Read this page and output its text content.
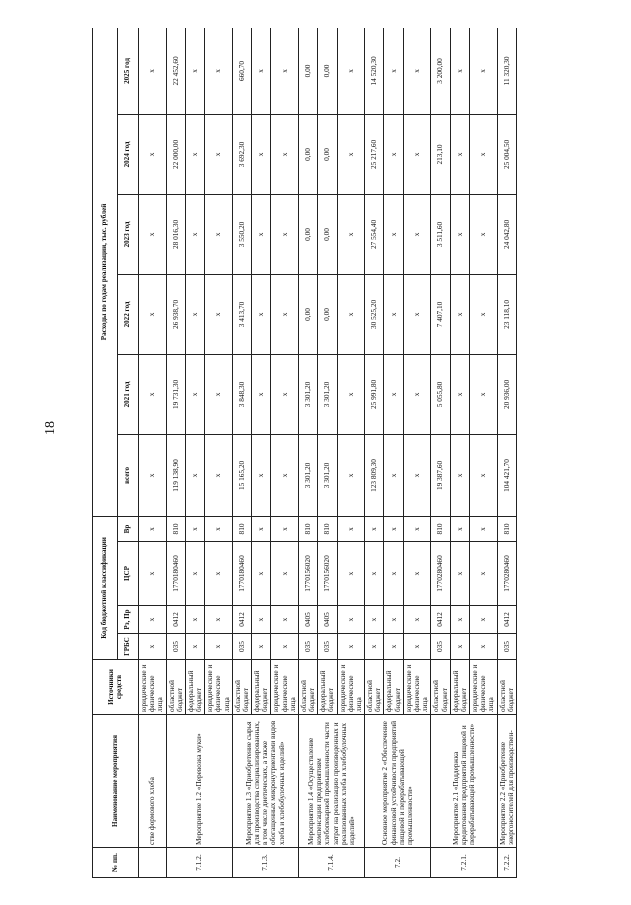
18
№ пп.	Наименование мероприятия	Источники средств	Код бюджетной классификации				Расходы по годам реализации, тыс. рублей					
			ГРБС	Рз, Пр	ЦСР	Вр	всего	2021 год	2022 год	2023 год	2024 год	2025 год
	стве формового хлеба	юридические и физические лица	x	x	x	x	x	x	x	x	x	x
7.1.2.	Мероприятие 1.2 «Перевозка муки»	областной бюджет	035	0412	1770180460	810	119 138,90	19 731,30	26 938,70	28 016,30	22 000,00	22 452,60
		федеральный бюджет	x	x	x	x	x	x	x	x	x	x
		юридические и физические лица	x	x	x	x	x	x	x	x	x	x
7.1.3.	Мероприятие 1.3 «Приобретение сырья для производства специализированных, в том числе диетических, а также обогащенных микронутриентами видов хлеба и хлебобулочных изделий»	областной бюджет	035	0412	1770180460	810	15 165,20	3 848,30	3 413,70	3 550,20	3 692,30	660,70
		федеральный бюджет	x	x	x	x	x	x	x	x	x	x
		юридические и физические лица	x	x	x	x	x	x	x	x	x	x
7.1.4.	Мероприятие 1.4 «Осуществление компенсации предприятиям хлебопекарной промышленности части затрат на реализацию произведенных и реализованных хлеба и хлебобулочных изделий»	областной бюджет	035	0405	1770156020	810	3 301,20	3 301,20	0,00	0,00	0,00	0,00
		федеральный бюджет	035	0405	1770156020	810	3 301,20	3 301,20	0,00	0,00	0,00	0,00
		юридические и физические лица	x	x	x	x	x	x	x	x	x	x
7.2.	Основное мероприятие 2 «Обеспечение финансовой устойчивости предприятий пищевой и перерабатывающей промышленности»	областной бюджет	x	x	x	x	123 809,30	25 991,80	30 525,20	27 554,40	25 217,60	14 520,30
		федеральный бюджет	x	x	x	x	x	x	x	x	x	x
		юридические и физические лица	x	x	x	x	x	x	x	x	x	x
7.2.1.	Мероприятие 2.1 «Поддержка кредитования предприятий пищевой и перерабатывающей промышленности»	областной бюджет	035	0412	1770280460	810	19 387,60	5 055,80	7 407,10	3 511,60	213,10	3 200,00
		федеральный бюджет	x	x	x	x	x	x	x	x	x	x
		юридические и физические лица	x	x	x	x	x	x	x	x	x	x
7.2.2.	Мероприятие 2.2 «Приобретение энергоносителей для производствен-	областной бюджет	035	0412	1770280460	810	104 421,70	20 936,00	23 118,10	24 042,80	25 004,50	11 320,30
